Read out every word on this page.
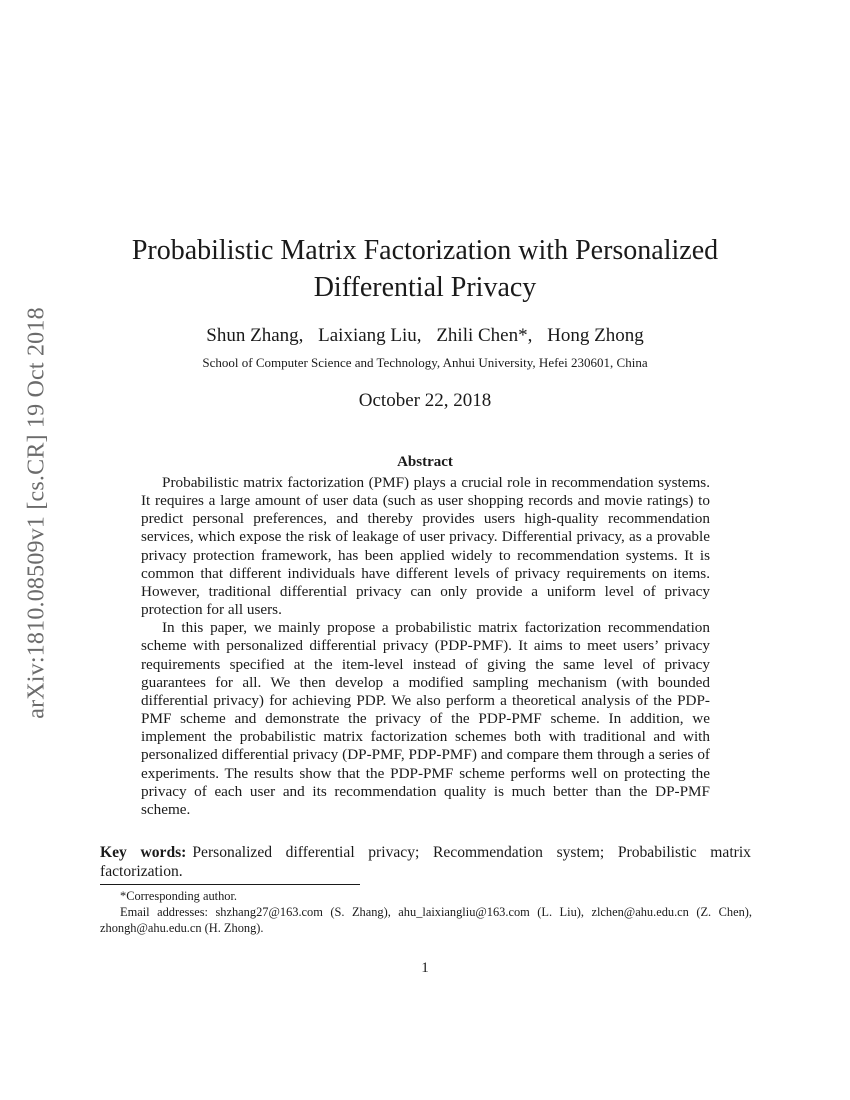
arXiv:1810.08509v1 [cs.CR] 19 Oct 2018
Probabilistic Matrix Factorization with Personalized
Differential Privacy
Shun Zhang, Laixiang Liu, Zhili Chen*, Hong Zhong
School of Computer Science and Technology, Anhui University, Hefei 230601, China
October 22, 2018
Abstract

Probabilistic matrix factorization (PMF) plays a crucial role in recommendation systems. It requires a large amount of user data (such as user shopping records and movie ratings) to predict personal preferences, and thereby provides users high-quality recommendation services, which expose the risk of leakage of user privacy. Differential privacy, as a provable privacy protection framework, has been applied widely to recommendation systems. It is common that different individuals have different levels of privacy requirements on items. However, traditional differential privacy can only provide a uniform level of privacy protection for all users.

In this paper, we mainly propose a probabilistic matrix factorization recommendation scheme with personalized differential privacy (PDP-PMF). It aims to meet users’ privacy requirements specified at the item-level instead of giving the same level of privacy guarantees for all. We then develop a modified sampling mechanism (with bounded differential privacy) for achieving PDP. We also perform a theoretical analysis of the PDP-PMF scheme and demonstrate the privacy of the PDP-PMF scheme. In addition, we implement the probabilistic matrix factorization schemes both with traditional and with personalized differential privacy (DP-PMF, PDP-PMF) and compare them through a series of experiments. The results show that the PDP-PMF scheme performs well on protecting the privacy of each user and its recommendation quality is much better than the DP-PMF scheme.

Key words: Personalized differential privacy; Recommendation system; Probabilistic matrix factorization.

*Corresponding author.

Email addresses: shzhang27@163.com (S. Zhang), ahu_laixiangliu@163.com (L. Liu), zlchen@ahu.edu.cn (Z. Chen), zhongh@ahu.edu.cn (H. Zhong).

1
